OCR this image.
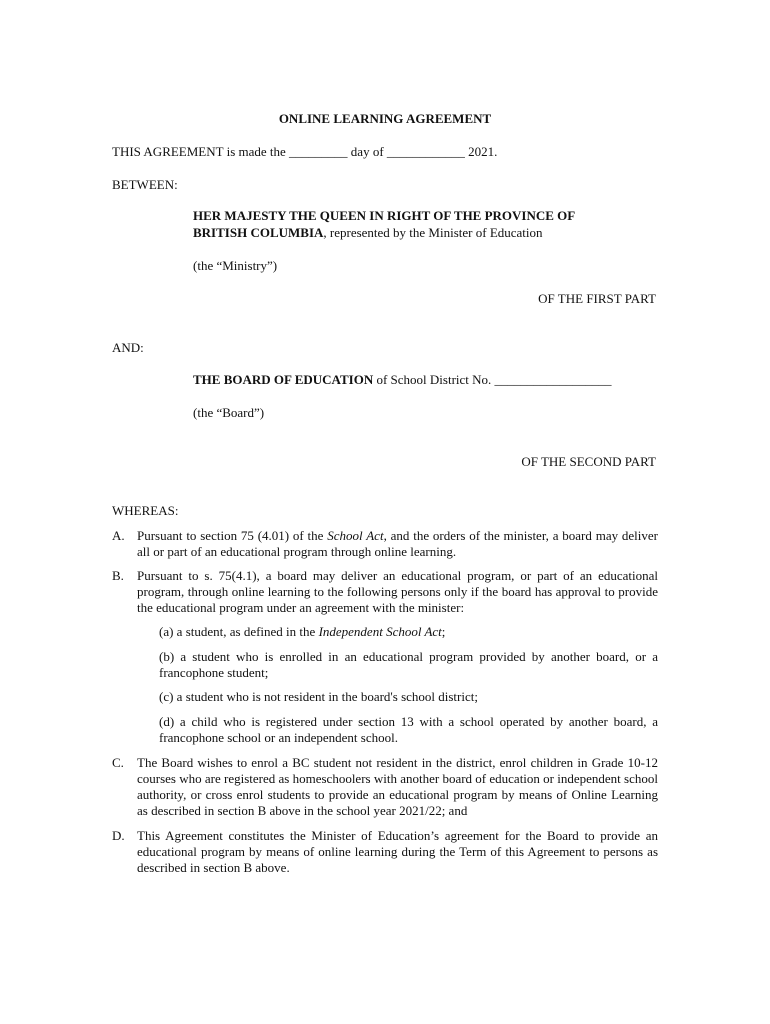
ONLINE LEARNING AGREEMENT
THIS AGREEMENT is made the _________ day of ____________ 2021.
BETWEEN:
HER MAJESTY THE QUEEN IN RIGHT OF THE PROVINCE OF
BRITISH COLUMBIA, represented by the Minister of Education
(the “Ministry”)
OF THE FIRST PART
AND:
THE BOARD OF EDUCATION of School District No. __________________
(the “Board”)
OF THE SECOND PART
WHEREAS:
A. Pursuant to section 75 (4.01) of the School Act, and the orders of the minister, a board may deliver all or part of an educational program through online learning.
B. Pursuant to s. 75(4.1), a board may deliver an educational program, or part of an educational program, through online learning to the following persons only if the board has approval to provide the educational program under an agreement with the minister:
(a) a student, as defined in the Independent School Act;
(b) a student who is enrolled in an educational program provided by another board, or a francophone student;
(c) a student who is not resident in the board's school district;
(d) a child who is registered under section 13 with a school operated by another board, a francophone school or an independent school.
C. The Board wishes to enrol a BC student not resident in the district, enrol children in Grade 10-12 courses who are registered as homeschoolers with another board of education or independent school authority, or cross enrol students to provide an educational program by means of Online Learning as described in section B above in the school year 2021/22; and
D. This Agreement constitutes the Minister of Education’s agreement for the Board to provide an educational program by means of online learning during the Term of this Agreement to persons as described in section B above.
